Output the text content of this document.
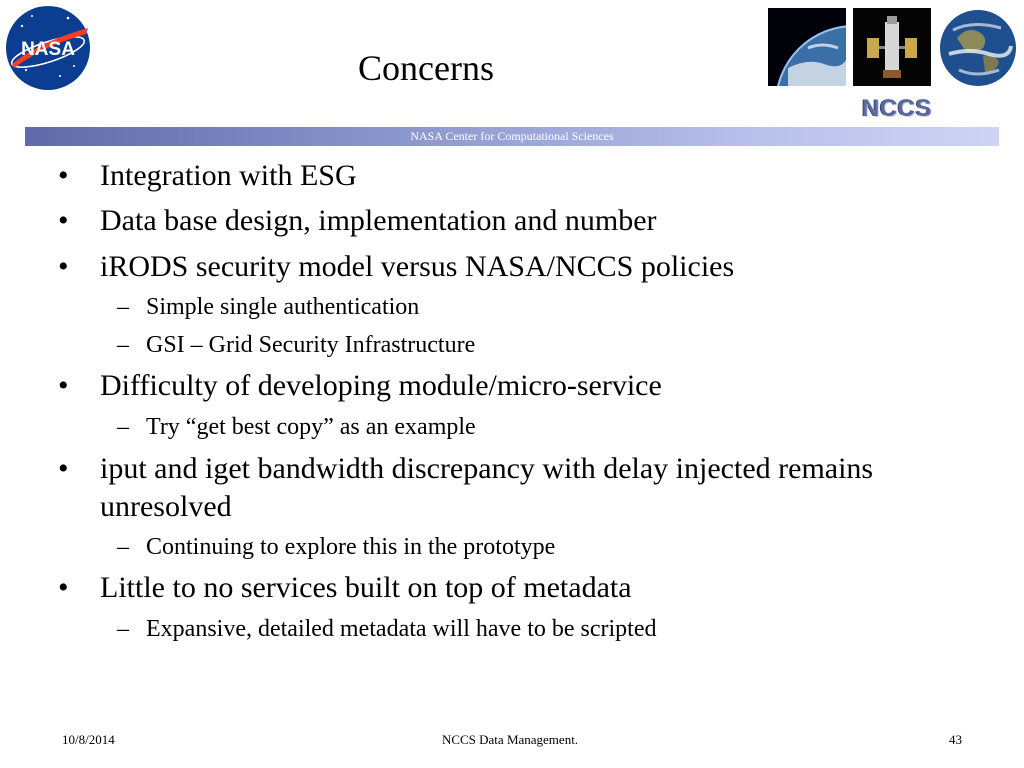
NASA	Concerns
NCCS
NASA Center for Computational Sciences
• Integration with ESG
• Data base design, implementation and number
• iRODS security model versus NASA/NCCS policies
– Simple single authentication
– GSI – Grid Security Infrastructure
• Difficulty of developing module/micro-service
– Try “get best copy” as an example
• iput and iget bandwidth discrepancy with delay injected remains unresolved
– Continuing to explore this in the prototype
• Little to no services built on top of metadata
– Expansive, detailed metadata will have to be scripted
10/8/2014	NCCS Data Management.	43
